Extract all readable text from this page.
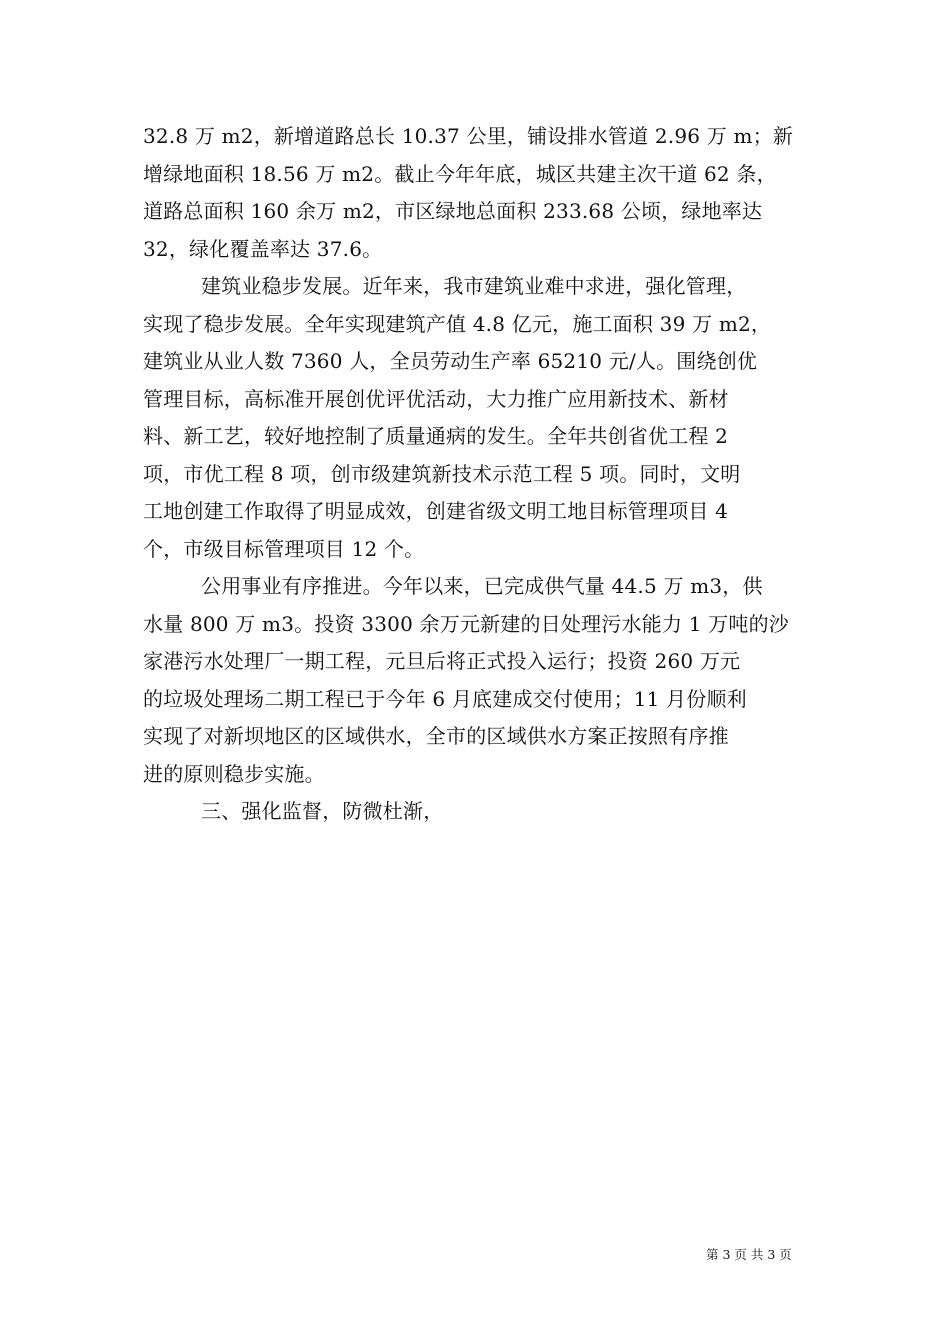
32.8 万 m2，新增道路总长 10.37 公里，铺设排水管道 2.96 万 m；新
增绿地面积 18.56 万 m2。截止今年年底，城区共建主次干道 62 条，
道路总面积 160 余万 m2，市区绿地总面积 233.68 公顷，绿地率达
32，绿化覆盖率达 37.6。
建筑业稳步发展。近年来，我市建筑业难中求进，强化管理，
实现了稳步发展。全年实现建筑产值 4.8 亿元，施工面积 39 万 m2，
建筑业从业人数 7360 人，全员劳动生产率 65210 元/人。围绕创优
管理目标，高标准开展创优评优活动，大力推广应用新技术、新材
料、新工艺，较好地控制了质量通病的发生。全年共创省优工程 2
项，市优工程 8 项，创市级建筑新技术示范工程 5 项。同时，文明
工地创建工作取得了明显成效，创建省级文明工地目标管理项目 4
个，市级目标管理项目 12 个。
公用事业有序推进。今年以来，已完成供气量 44.5 万 m3，供
水量 800 万 m3。投资 3300 余万元新建的日处理污水能力 1 万吨的沙
家港污水处理厂一期工程，元旦后将正式投入运行；投资 260 万元
的垃圾处理场二期工程已于今年 6 月底建成交付使用；11 月份顺利
实现了对新坝地区的区域供水，全市的区域供水方案正按照有序推
进的原则稳步实施。
三、强化监督，防微杜渐，
第 3 页 共 3 页
